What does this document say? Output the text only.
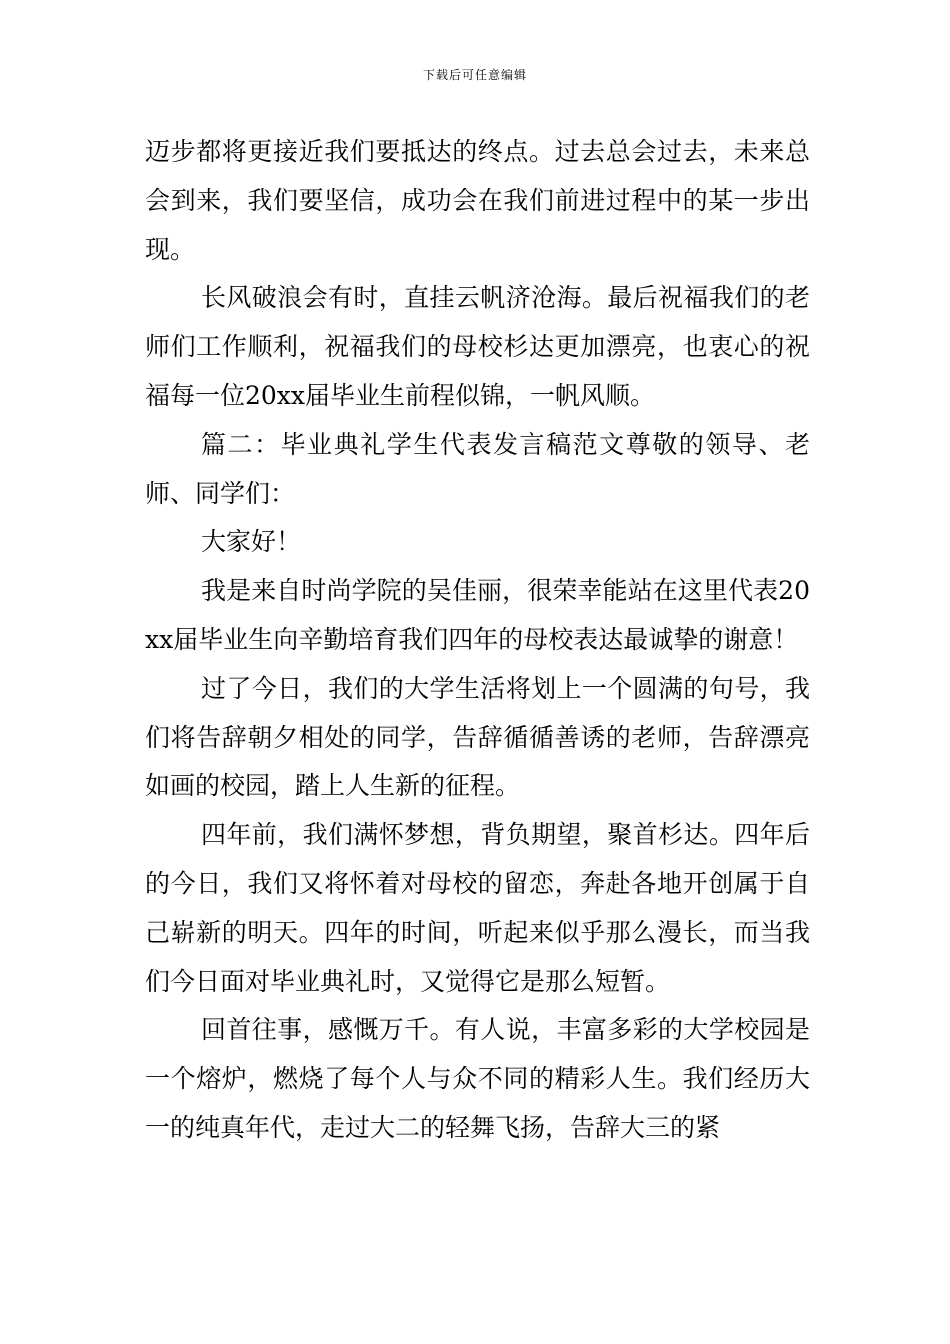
下载后可任意编辑

迈步都将更接近我们要抵达的终点。过去总会过去，未来总会到来，我们要坚信，成功会在我们前进过程中的某一步出现。

长风破浪会有时，直挂云帆济沧海。最后祝福我们的老师们工作顺利，祝福我们的母校杉达更加漂亮，也衷心的祝福每一位20xx届毕业生前程似锦，一帆风顺。

篇二：毕业典礼学生代表发言稿范文尊敬的领导、老师、同学们：

大家好！

我是来自时尚学院的吴佳丽，很荣幸能站在这里代表20xx届毕业生向辛勤培育我们四年的母校表达最诚挚的谢意！

过了今日，我们的大学生活将划上一个圆满的句号，我们将告辞朝夕相处的同学，告辞循循善诱的老师，告辞漂亮如画的校园，踏上人生新的征程。

四年前，我们满怀梦想，背负期望，聚首杉达。四年后的今日，我们又将怀着对母校的留恋，奔赴各地开创属于自己崭新的明天。四年的时间，听起来似乎那么漫长，而当我们今日面对毕业典礼时，又觉得它是那么短暂。

回首往事，感慨万千。有人说，丰富多彩的大学校园是一个熔炉，燃烧了每个人与众不同的精彩人生。我们经历大一的纯真年代，走过大二的轻舞飞扬，告辞大三的紧
